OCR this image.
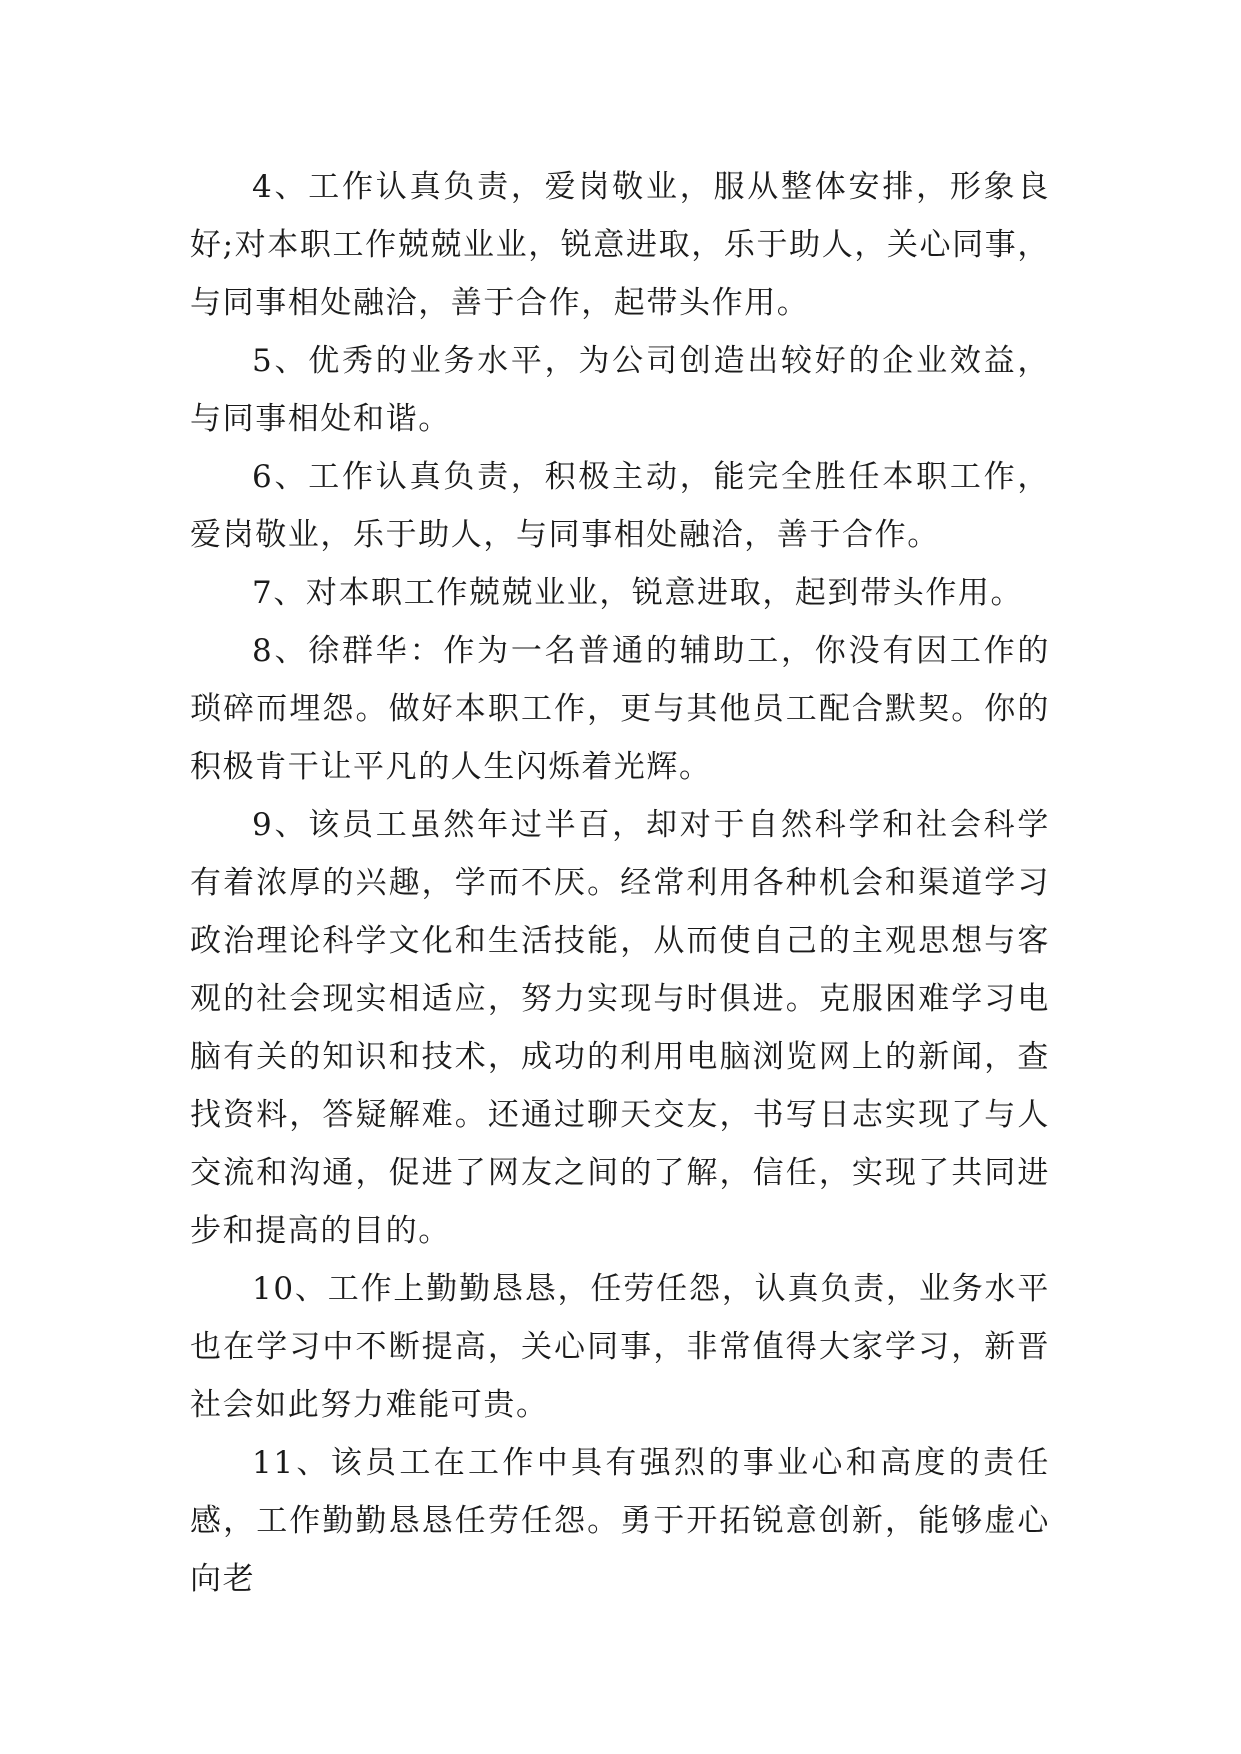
4、工作认真负责，爱岗敬业，服从整体安排，形象良好;对本职工作兢兢业业，锐意进取，乐于助人，关心同事，与同事相处融洽，善于合作，起带头作用。

5、优秀的业务水平，为公司创造出较好的企业效益，与同事相处和谐。

6、工作认真负责，积极主动，能完全胜任本职工作，爱岗敬业，乐于助人，与同事相处融洽，善于合作。

7、对本职工作兢兢业业，锐意进取，起到带头作用。

8、徐群华：作为一名普通的辅助工，你没有因工作的琐碎而埋怨。做好本职工作，更与其他员工配合默契。你的积极肯干让平凡的人生闪烁着光辉。

9、该员工虽然年过半百，却对于自然科学和社会科学有着浓厚的兴趣，学而不厌。经常利用各种机会和渠道学习政治理论科学文化和生活技能，从而使自己的主观思想与客观的社会现实相适应，努力实现与时俱进。克服困难学习电脑有关的知识和技术，成功的利用电脑浏览网上的新闻，查找资料，答疑解难。还通过聊天交友，书写日志实现了与人交流和沟通，促进了网友之间的了解，信任，实现了共同进步和提高的目的。

10、工作上勤勤恳恳，任劳任怨，认真负责，业务水平也在学习中不断提高，关心同事，非常值得大家学习，新晋社会如此努力难能可贵。

11、该员工在工作中具有强烈的事业心和高度的责任感，工作勤勤恳恳任劳任怨。勇于开拓锐意创新，能够虚心向老
